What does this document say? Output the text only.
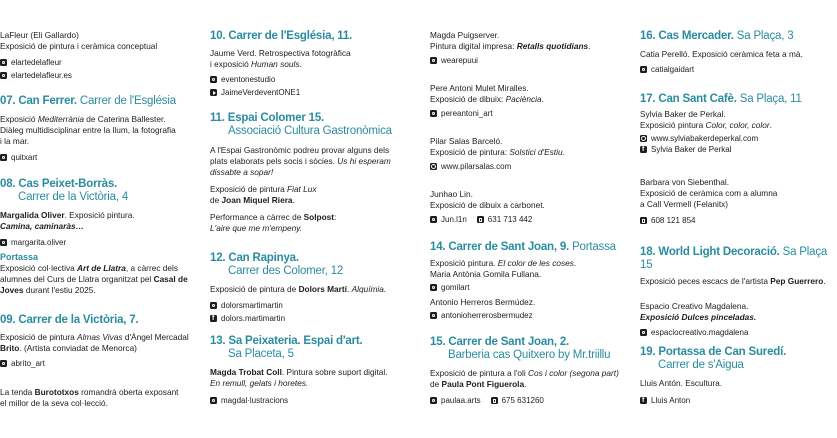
LaFleur (Eli Gallardo)
Exposició de pintura i ceràmica conceptual
elartedelafleur
elartedelafleur.es
07. Can Ferrer. Carrer de l'Església
Exposició Mediterrània de Caterina Ballester.
Diàleg multidisciplinar entre la llum, la fotografia
i la mar.
quitxart
08. Cas Peixet-Borràs.
Carrer de la Victòria, 4
Margalida Oliver. Exposició pintura.
Camina, caminaràs…
margarita.oliver
Portassa
Exposició col·lectiva Art de Llatra, a càrrec dels
alumnes del Curs de Llatra organitzat pel Casal de
Joves durant l'estiu 2025.
09. Carrer de la Victòria, 7.
Exposició de pintura Almas Vivas d'Àngel Mercadal
Brito. (Artista conviadat de Menorca)
abrito_art
La tenda Burototxos romandrà oberta exposant
el millor de la seva col·lecció.
10. Carrer de l'Església, 11.
Jaume Verd. Retrospectiva fotogràfica
i exposició Human souls.
eventonestudio
JaimeVerdeventONE1
11. Espai Colomer 15.
Associació Cultura Gastronòmica
A l'Espai Gastronòmic podreu provar alguns dels
plats elaborats pels socis i sòcies. Us hi esperam
dissabte a sopar!
Exposició de pintura Fiat Lux
de Joan Miquel Riera.
Performance a càrrec de Solpost:
L'aire que me m'empeny.
12. Can Rapinya.
Carrer des Colomer, 12
Exposició de pintura de Dolors Martí. Alquímia.
dolorsmartimartin
f
dolors.martimartin
13. Sa Peixateria. Espai d'art.
Sa Placeta, 5
Magda Trobat Coll. Pintura sobre suport digital.
En remull, gelats i horetes.
magdal·lustracions
Magda Puigserver.
Pintura digital impresa: Retalls quotidians.
wearepuui
Pere Antoni Mulet Miralles.
Exposició de dibuix: Paciència.
pereantoni_art
Pilar Salas Barceló.
Exposició de pintura: Solstici d'Estiu.
www.pilarsalas.com
Junhao Lin.
Exposició de dibuix a carbonet.
Jun.l1n	631 713 442
14. Carrer de Sant Joan, 9. Portassa
Exposició pintura. El color de les coses.
Maria Antònia Gomila Fullana.
gomilart
Antonio Herreros Bermúdez.
antonioherrerosbermudez
15. Carrer de Sant Joan, 2.
Barberia cas Quitxero by Mr.triillu
Exposició de pintura a l'oli Cos i color (segona part)
de Paula Pont Figuerola.
paulaa.arts	675 631260
16. Cas Mercader. Sa Plaça, 3
Catia Perelló. Exposició ceràmica feta a mà.
catialgaidart
17. Can Sant Cafè. Sa Plaça, 11
Sylvia Baker de Perkal.
Exposició pintura Color, color, color.
www.sylviabakerdeperkal.com
f
Sylvia Baker de Perkal
Barbara von Siebenthal.
Exposició de ceràmica com a alumna
a Call Vermell (Felanitx)
608 121 854
18. World Light Decoració. Sa Plaça 15
Exposició peces escacs de l'artista Pep Guerrero.
Espacio Creativo Magdalena.
Exposició Dulces pinceladas.
espaciocreativo.magdalena
19. Portassa de Can Suredí.
Carrer de s'Aigua
Lluis Antón. Escultura.
f
Lluis Anton
